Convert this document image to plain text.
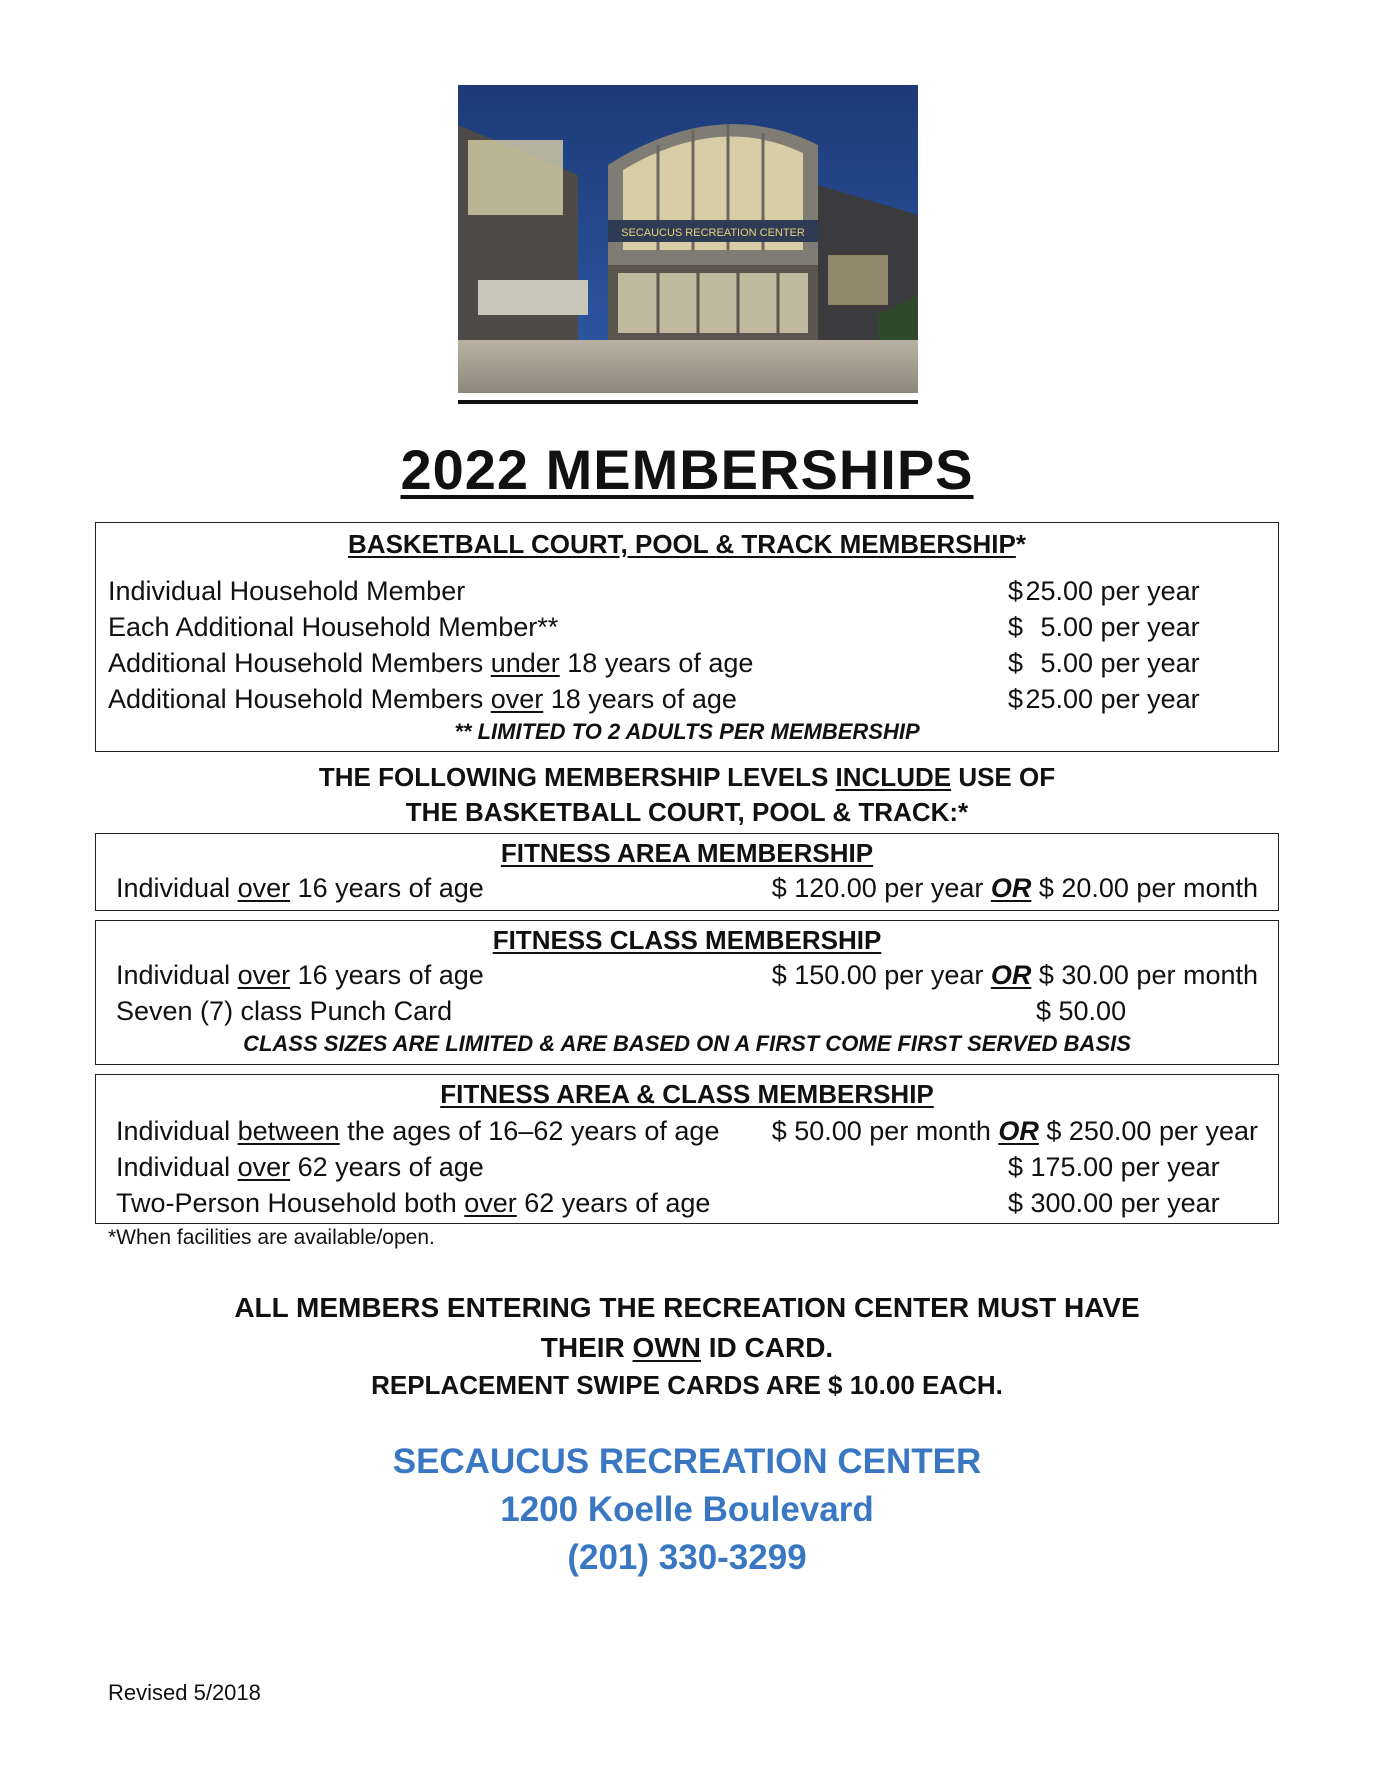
SECAUCUS RECREATION CENTER
2022 MEMBERSHIPS
BASKETBALL COURT, POOL & TRACK MEMBERSHIP*
Individual Household Member	$25.00 per year
Each Additional Household Member**	$ 5.00 per year
Additional Household Members under 18 years of age	$ 5.00 per year
Additional Household Members over 18 years of age	$25.00 per year
** LIMITED TO 2 ADULTS PER MEMBERSHIP
THE FOLLOWING MEMBERSHIP LEVELS INCLUDE USE OF
THE BASKETBALL COURT, POOL & TRACK:*
FITNESS AREA MEMBERSHIP
Individual over 16 years of age	$ 120.00 per year OR $ 20.00 per month
FITNESS CLASS MEMBERSHIP
Individual over 16 years of age	$ 150.00 per year OR $ 30.00 per month
Seven (7) class Punch Card	$ 50.00
CLASS SIZES ARE LIMITED & ARE BASED ON A FIRST COME FIRST SERVED BASIS
FITNESS AREA & CLASS MEMBERSHIP
Individual between the ages of 16–62 years of age $ 50.00 per month OR $ 250.00 per year
Individual over 62 years of age	$ 175.00 per year
Two-Person Household both over 62 years of age	$ 300.00 per year
*When facilities are available/open.
ALL MEMBERS ENTERING THE RECREATION CENTER MUST HAVE
THEIR OWN ID CARD.
REPLACEMENT SWIPE CARDS ARE $ 10.00 EACH.
SECAUCUS RECREATION CENTER
1200 Koelle Boulevard
(201) 330-3299
Revised 5/2018
